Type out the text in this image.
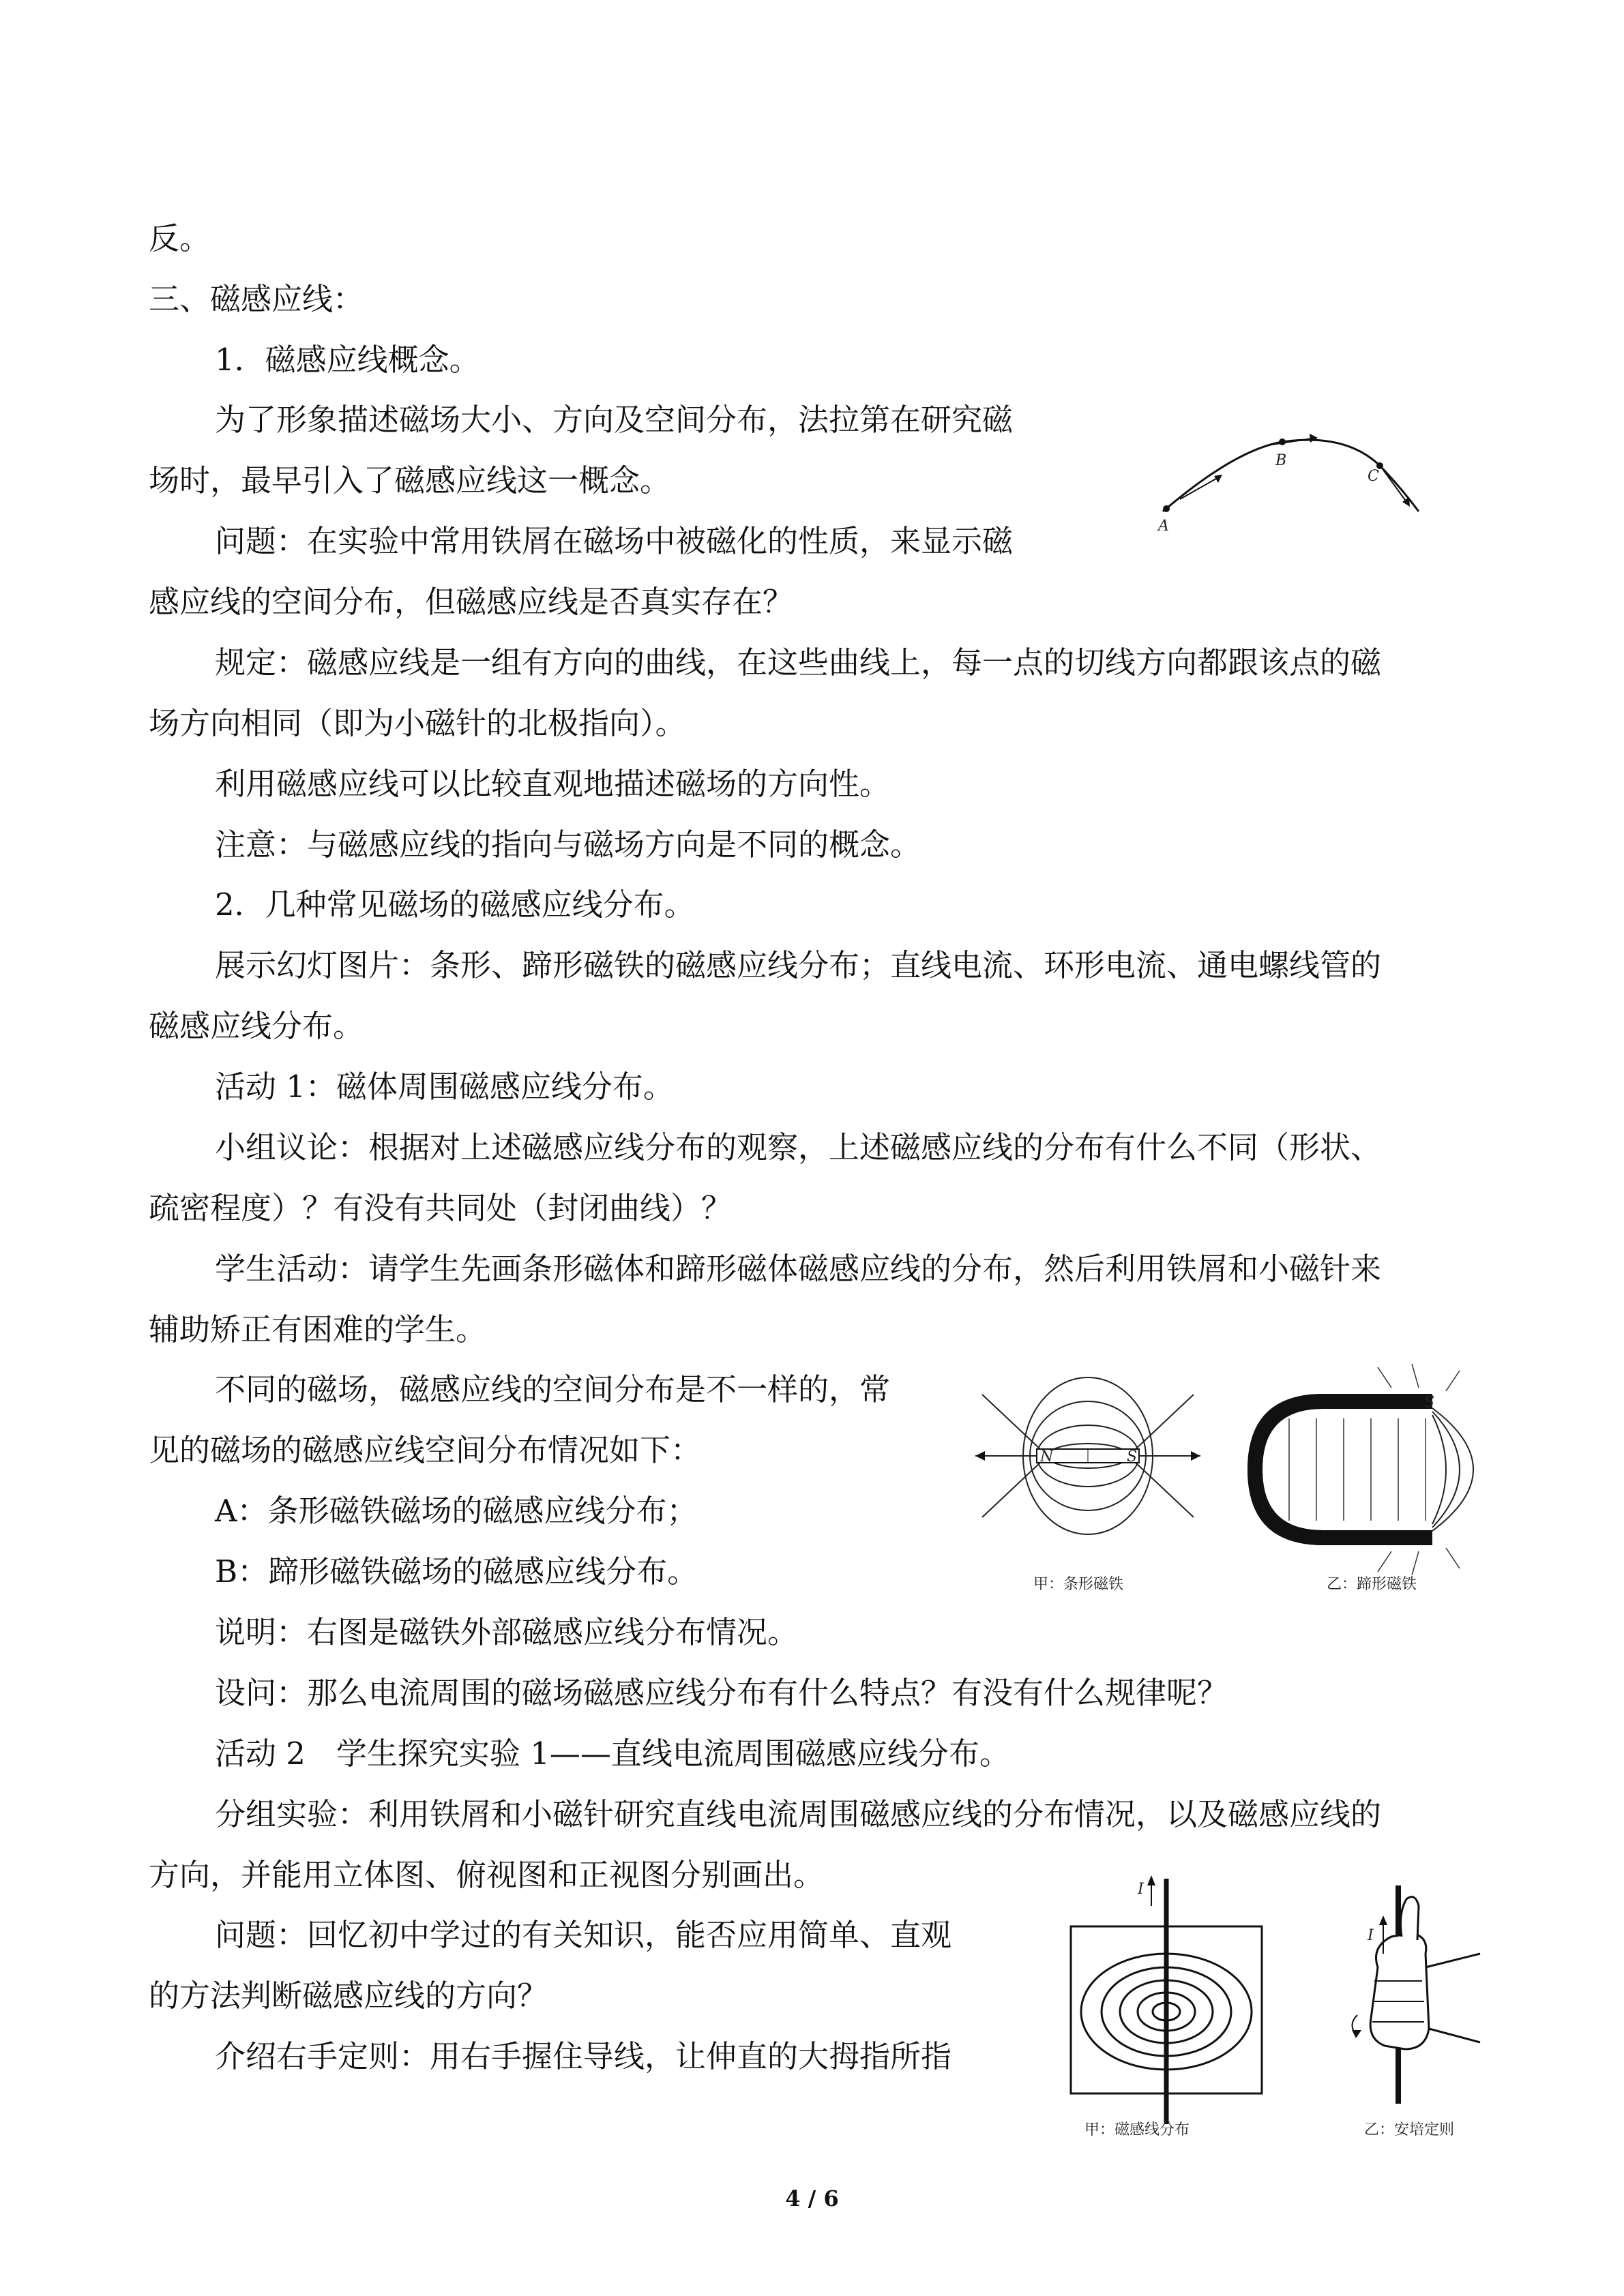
反。
三、磁感应线：
1．磁感应线概念。
为了形象描述磁场大小、方向及空间分布，法拉第在研究磁
场时，最早引入了磁感应线这一概念。
问题：在实验中常用铁屑在磁场中被磁化的性质，来显示磁
感应线的空间分布，但磁感应线是否真实存在？
规定：磁感应线是一组有方向的曲线，在这些曲线上，每一点的切线方向都跟该点的磁
场方向相同（即为小磁针的北极指向）。
利用磁感应线可以比较直观地描述磁场的方向性。
注意：与磁感应线的指向与磁场方向是不同的概念。
2．几种常见磁场的磁感应线分布。
展示幻灯图片：条形、蹄形磁铁的磁感应线分布；直线电流、环形电流、通电螺线管的
磁感应线分布。
活动 1：磁体周围磁感应线分布。
小组议论：根据对上述磁感应线分布的观察，上述磁感应线的分布有什么不同（形状、
疏密程度）？有没有共同处（封闭曲线）？
学生活动：请学生先画条形磁体和蹄形磁体磁感应线的分布，然后利用铁屑和小磁针来
辅助矫正有困难的学生。
不同的磁场，磁感应线的空间分布是不一样的，常
见的磁场的磁感应线空间分布情况如下：
A：条形磁铁磁场的磁感应线分布；
B：蹄形磁铁磁场的磁感应线分布。
说明：右图是磁铁外部磁感应线分布情况。
设问：那么电流周围的磁场磁感应线分布有什么特点？有没有什么规律呢？
活动 2　学生探究实验 1——直线电流周围磁感应线分布。
分组实验：利用铁屑和小磁针研究直线电流周围磁感应线的分布情况，以及磁感应线的
方向，并能用立体图、俯视图和正视图分别画出。
问题：回忆初中学过的有关知识，能否应用简单、直观
的方法判断磁感应线的方向？
介绍右手定则：用右手握住导线，让伸直的大拇指所指
A
B
C
N	S
甲：条形磁铁
S
乙：蹄形磁铁
I
甲：磁感线分布
I
乙：安培定则
4 / 6
